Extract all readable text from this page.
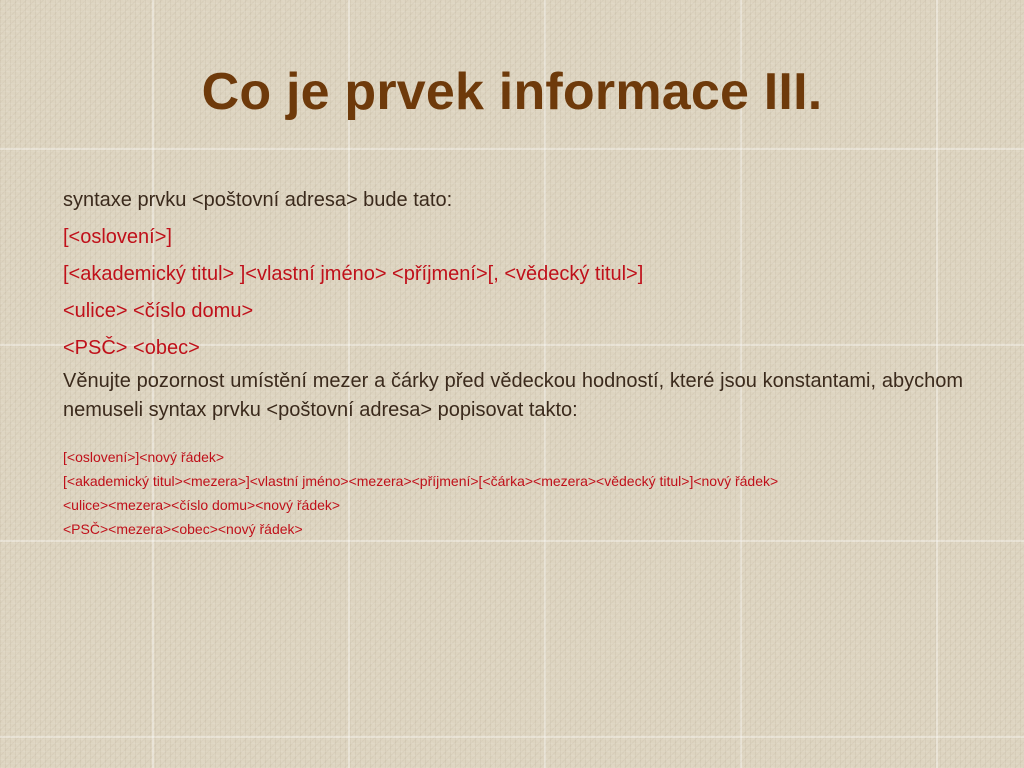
Co je prvek informace III.
syntaxe prvku <poštovní adresa> bude tato:
[<oslovení>]
[<akademický titul> ]<vlastní jméno> <příjmení>[, <vědecký titul>]
<ulice> <číslo domu>
<PSČ> <obec>
Věnujte pozornost umístění mezer a čárky před vědeckou hodností, které jsou konstantami, abychom nemuseli syntax prvku <poštovní adresa> popisovat takto:
[<oslovení>]<nový řádek>
[<akademický titul><mezera>]<vlastní jméno><mezera><příjmení>[<čárka><mezera><vědecký titul>]<nový řádek>
<ulice><mezera><číslo domu><nový řádek>
<PSČ><mezera><obec><nový řádek>
